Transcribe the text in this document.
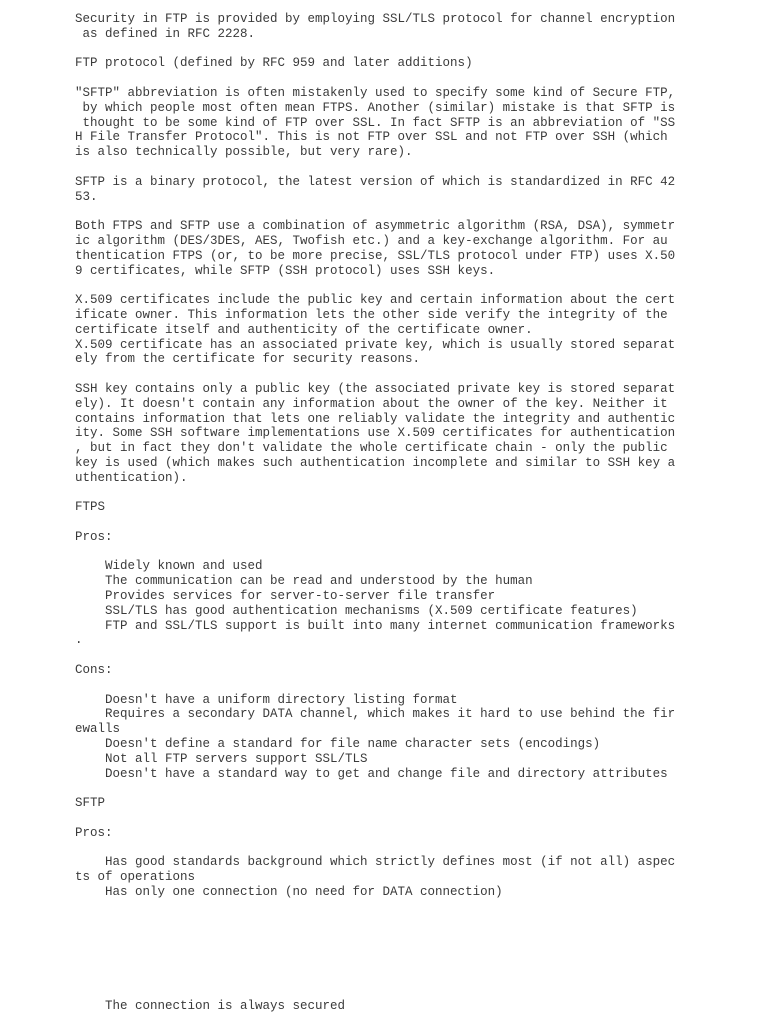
Security in FTP is provided by employing SSL/TLS protocol for channel encryption
as defined in RFC 2228.

FTP protocol (defined by RFC 959 and later additions)

"SFTP" abbreviation is often mistakenly used to specify some kind of Secure FTP,
by which people most often mean FTPS. Another (similar) mistake is that SFTP is
thought to be some kind of FTP over SSL. In fact SFTP is an abbreviation of "SS
H File Transfer Protocol". This is not FTP over SSL and not FTP over SSH (which
is also technically possible, but very rare).

SFTP is a binary protocol, the latest version of which is standardized in RFC 42
53.

Both FTPS and SFTP use a combination of asymmetric algorithm (RSA, DSA), symmetr
ic algorithm (DES/3DES, AES, Twofish etc.) and a key-exchange algorithm. For au
thentication FTPS (or, to be more precise, SSL/TLS protocol under FTP) uses X.50
9 certificates, while SFTP (SSH protocol) uses SSH keys.

X.509 certificates include the public key and certain information about the cert
ificate owner. This information lets the other side verify the integrity of the
certificate itself and authenticity of the certificate owner.
X.509 certificate has an associated private key, which is usually stored separat
ely from the certificate for security reasons.

SSH key contains only a public key (the associated private key is stored separat
ely). It doesn't contain any information about the owner of the key. Neither it
contains information that lets one reliably validate the integrity and authentic
ity. Some SSH software implementations use X.509 certificates for authentication
, but in fact they don't validate the whole certificate chain - only the public
key is used (which makes such authentication incomplete and similar to SSH key a
uthentication).

FTPS

Pros:

Widely known and used
The communication can be read and understood by the human
Provides services for server-to-server file transfer
SSL/TLS has good authentication mechanisms (X.509 certificate features)
FTP and SSL/TLS support is built into many internet communication frameworks
.

Cons:

Doesn't have a uniform directory listing format
Requires a secondary DATA channel, which makes it hard to use behind the fir
ewalls
Doesn't define a standard for file name character sets (encodings)
Not all FTP servers support SSL/TLS
Doesn't have a standard way to get and change file and directory attributes

SFTP

Pros:

Has good standards background which strictly defines most (if not all) aspec
ts of operations
Has only one connection (no need for DATA connection)

The connection is always secured
